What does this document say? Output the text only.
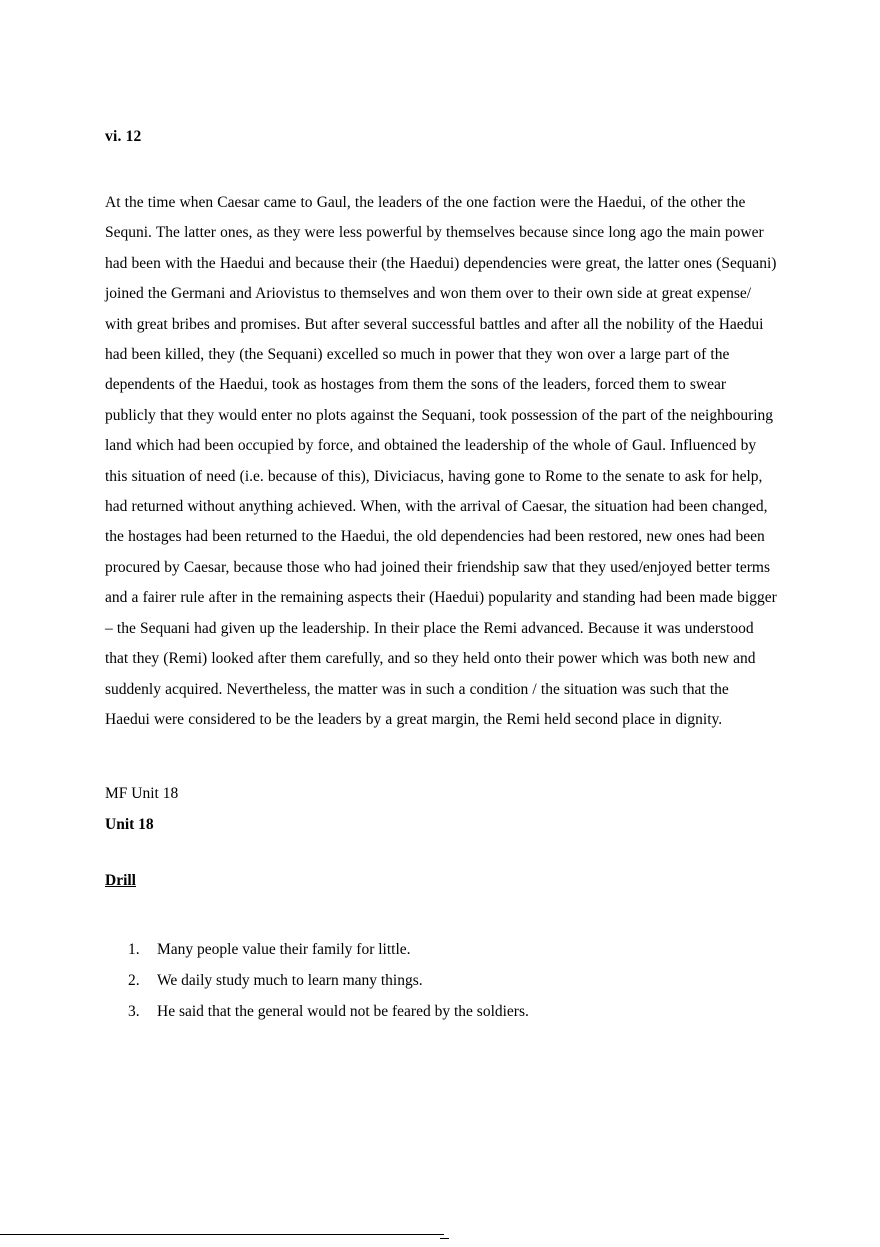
vi. 12

At the time when Caesar came to Gaul, the leaders of the one faction were the Haedui, of the other the Sequni. The latter ones, as they were less powerful by themselves because since long ago the main power had been with the Haedui and because their (the Haedui) dependencies were great, the latter ones (Sequani) joined the Germani and Ariovistus to themselves and won them over to their own side at great expense/ with great bribes and promises. But after several successful battles and after all the nobility of the Haedui had been killed, they (the Sequani) excelled so much in power that they won over a large part of the dependents of the Haedui, took as hostages from them the sons of the leaders, forced them to swear publicly that they would enter no plots against the Sequani, took possession of the part of the neighbouring land which had been occupied by force, and obtained the leadership of the whole of Gaul. Influenced by this situation of need (i.e. because of this), Diviciacus, having gone to Rome to the senate to ask for help, had returned without anything achieved. When, with the arrival of Caesar, the situation had been changed, the hostages had been returned to the Haedui, the old dependencies had been restored, new ones had been procured by Caesar, because those who had joined their friendship saw that they used/enjoyed better terms and a fairer rule after in the remaining aspects their (Haedui) popularity and standing had been made bigger – the Sequani had given up the leadership. In their place the Remi advanced. Because it was understood that they (Remi) looked after them carefully, and so they held onto their power which was both new and suddenly acquired. Nevertheless, the matter was in such a condition / the situation was such that the Haedui were considered to be the leaders by a great margin, the Remi held second place in dignity.

MF Unit 18

Unit 18

Drill
1.	Many people value their family for little.
2.	We daily study much to learn many things.
3.	He said that the general would not be feared by the soldiers.
